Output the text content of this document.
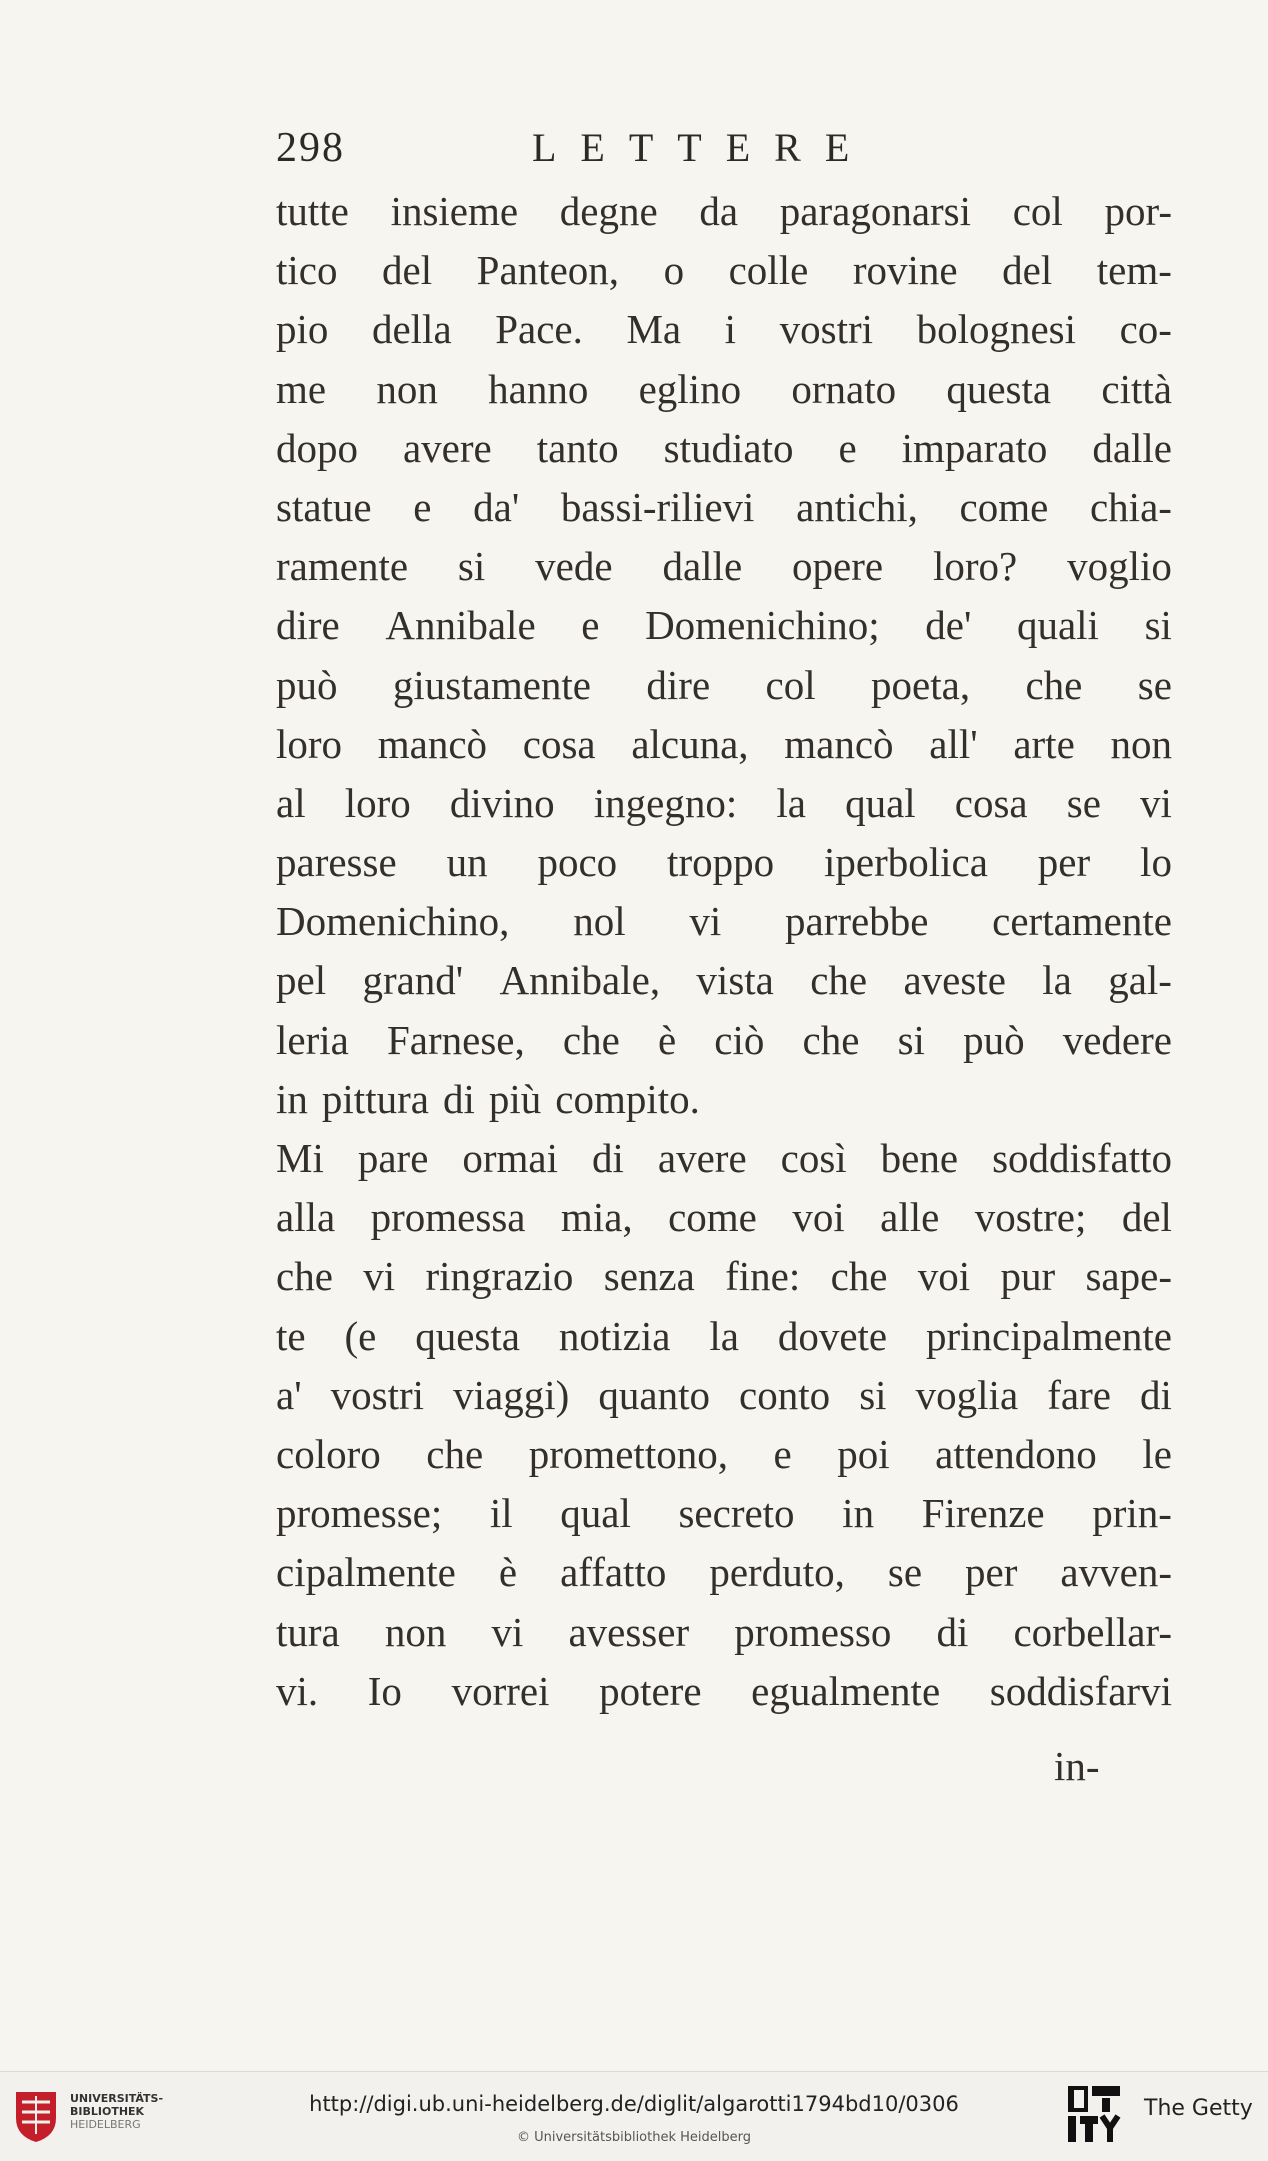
298	LETTERE
tutte insieme degne da paragonarsi col por-
tico del Panteon, o colle rovine del tem-
pio della Pace. Ma i vostri bolognesi co-
me non hanno eglino ornato questa città
dopo avere tanto studiato e imparato dalle
statue e da' bassi-rilievi antichi, come chia-
ramente si vede dalle opere loro? voglio
dire Annibale e Domenichino; de' quali si
può giustamente dire col poeta, che se
loro mancò cosa alcuna, mancò all' arte non
al loro divino ingegno: la qual cosa se vi
paresse un poco troppo iperbolica per lo
Domenichino, nol vi parrebbe certamente
pel grand' Annibale, vista che aveste la gal-
leria Farnese, che è ciò che si può vedere
in pittura di più compito.
Mi pare ormai di avere così bene soddisfatto
alla promessa mia, come voi alle vostre; del
che vi ringrazio senza fine: che voi pur sape-
te (e questa notizia la dovete principalmente
a' vostri viaggi) quanto conto si voglia fare di
coloro che promettono, e poi attendono le
promesse; il qual secreto in Firenze prin-
cipalmente è affatto perduto, se per avven-
tura non vi avesser promesso di corbellar-
vi. Io vorrei potere egualmente soddisfarvi
in-
UNIVERSITÄTS-
BIBLIOTHEK
HEIDELBERG
http://digi.ub.uni-heidelberg.de/diglit/algarotti1794bd10/0306
© Universitätsbibliothek Heidelberg
The Getty
